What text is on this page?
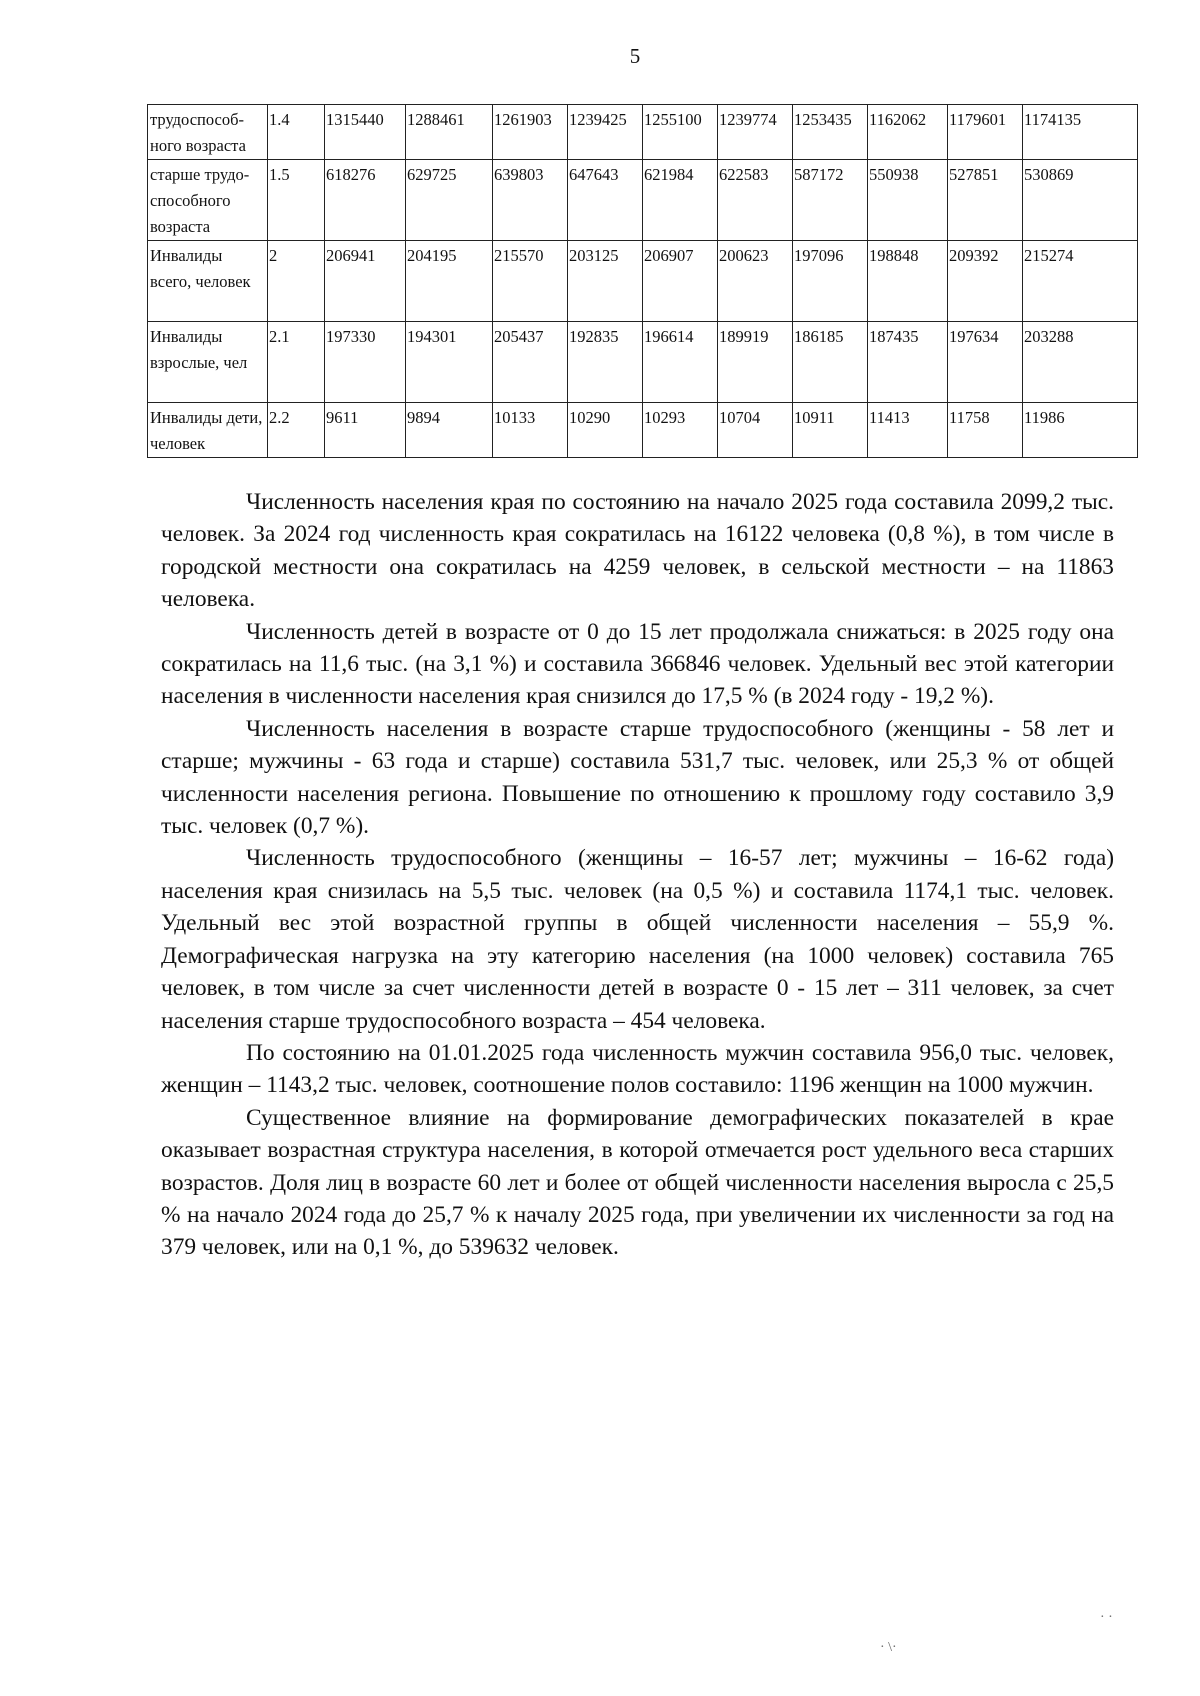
5
трудоспособ-ного возраста	1.4	1315440	1288461	1261903	1239425	1255100	1239774	1253435	1162062	1179601	1174135
старше трудо-способного возраста	1.5	618276	629725	639803	647643	621984	622583	587172	550938	527851	530869
Инвалиды всего, человек	2	206941	204195	215570	203125	206907	200623	197096	198848	209392	215274
Инвалиды взрослые, чел	2.1	197330	194301	205437	192835	196614	189919	186185	187435	197634	203288
Инвалиды дети, человек	2.2	9611	9894	10133	10290	10293	10704	10911	11413	11758	11986

Численность населения края по состоянию на начало 2025 года составила 2099,2 тыс. человек. За 2024 год численность края сократилась на 16122 человека (0,8 %), в том числе в городской местности она сократилась на 4259 человек, в сельской местности – на 11863 человека.

Численность детей в возрасте от 0 до 15 лет продолжала снижаться: в 2025 году она сократилась на 11,6 тыс. (на 3,1 %) и составила 366846 человек. Удельный вес этой категории населения в численности населения края снизился до 17,5 % (в 2024 году - 19,2 %).

Численность населения в возрасте старше трудоспособного (женщины - 58 лет и старше; мужчины - 63 года и старше) составила 531,7 тыс. человек, или 25,3 % от общей численности населения региона. Повышение по отношению к прошлому году составило 3,9 тыс. человек (0,7 %).

Численность трудоспособного (женщины – 16-57 лет; мужчины – 16-62 года) населения края снизилась на 5,5 тыс. человек (на 0,5 %) и составила 1174,1 тыс. человек. Удельный вес этой возрастной группы в общей численности населения – 55,9 %. Демографическая нагрузка на эту категорию населения (на 1000 человек) составила 765 человек, в том числе за счет численности детей в возрасте 0 - 15 лет – 311 человек, за счет населения старше трудоспособного возраста – 454 человека.

По состоянию на 01.01.2025 года численность мужчин составила 956,0 тыс. человек, женщин – 1143,2 тыс. человек, соотношение полов составило: 1196 женщин на 1000 мужчин.

Существенное влияние на формирование демографических показателей в крае оказывает возрастная структура населения, в которой отмечается рост удельного веса старших возрастов. Доля лиц в возрасте 60 лет и более от общей численности населения выросла с 25,5 % на начало 2024 года до 25,7 % к началу 2025 года, при увеличении их численности за год на 379 человек, или на 0,1 %, до 539632 человек.

· ·
· \·
